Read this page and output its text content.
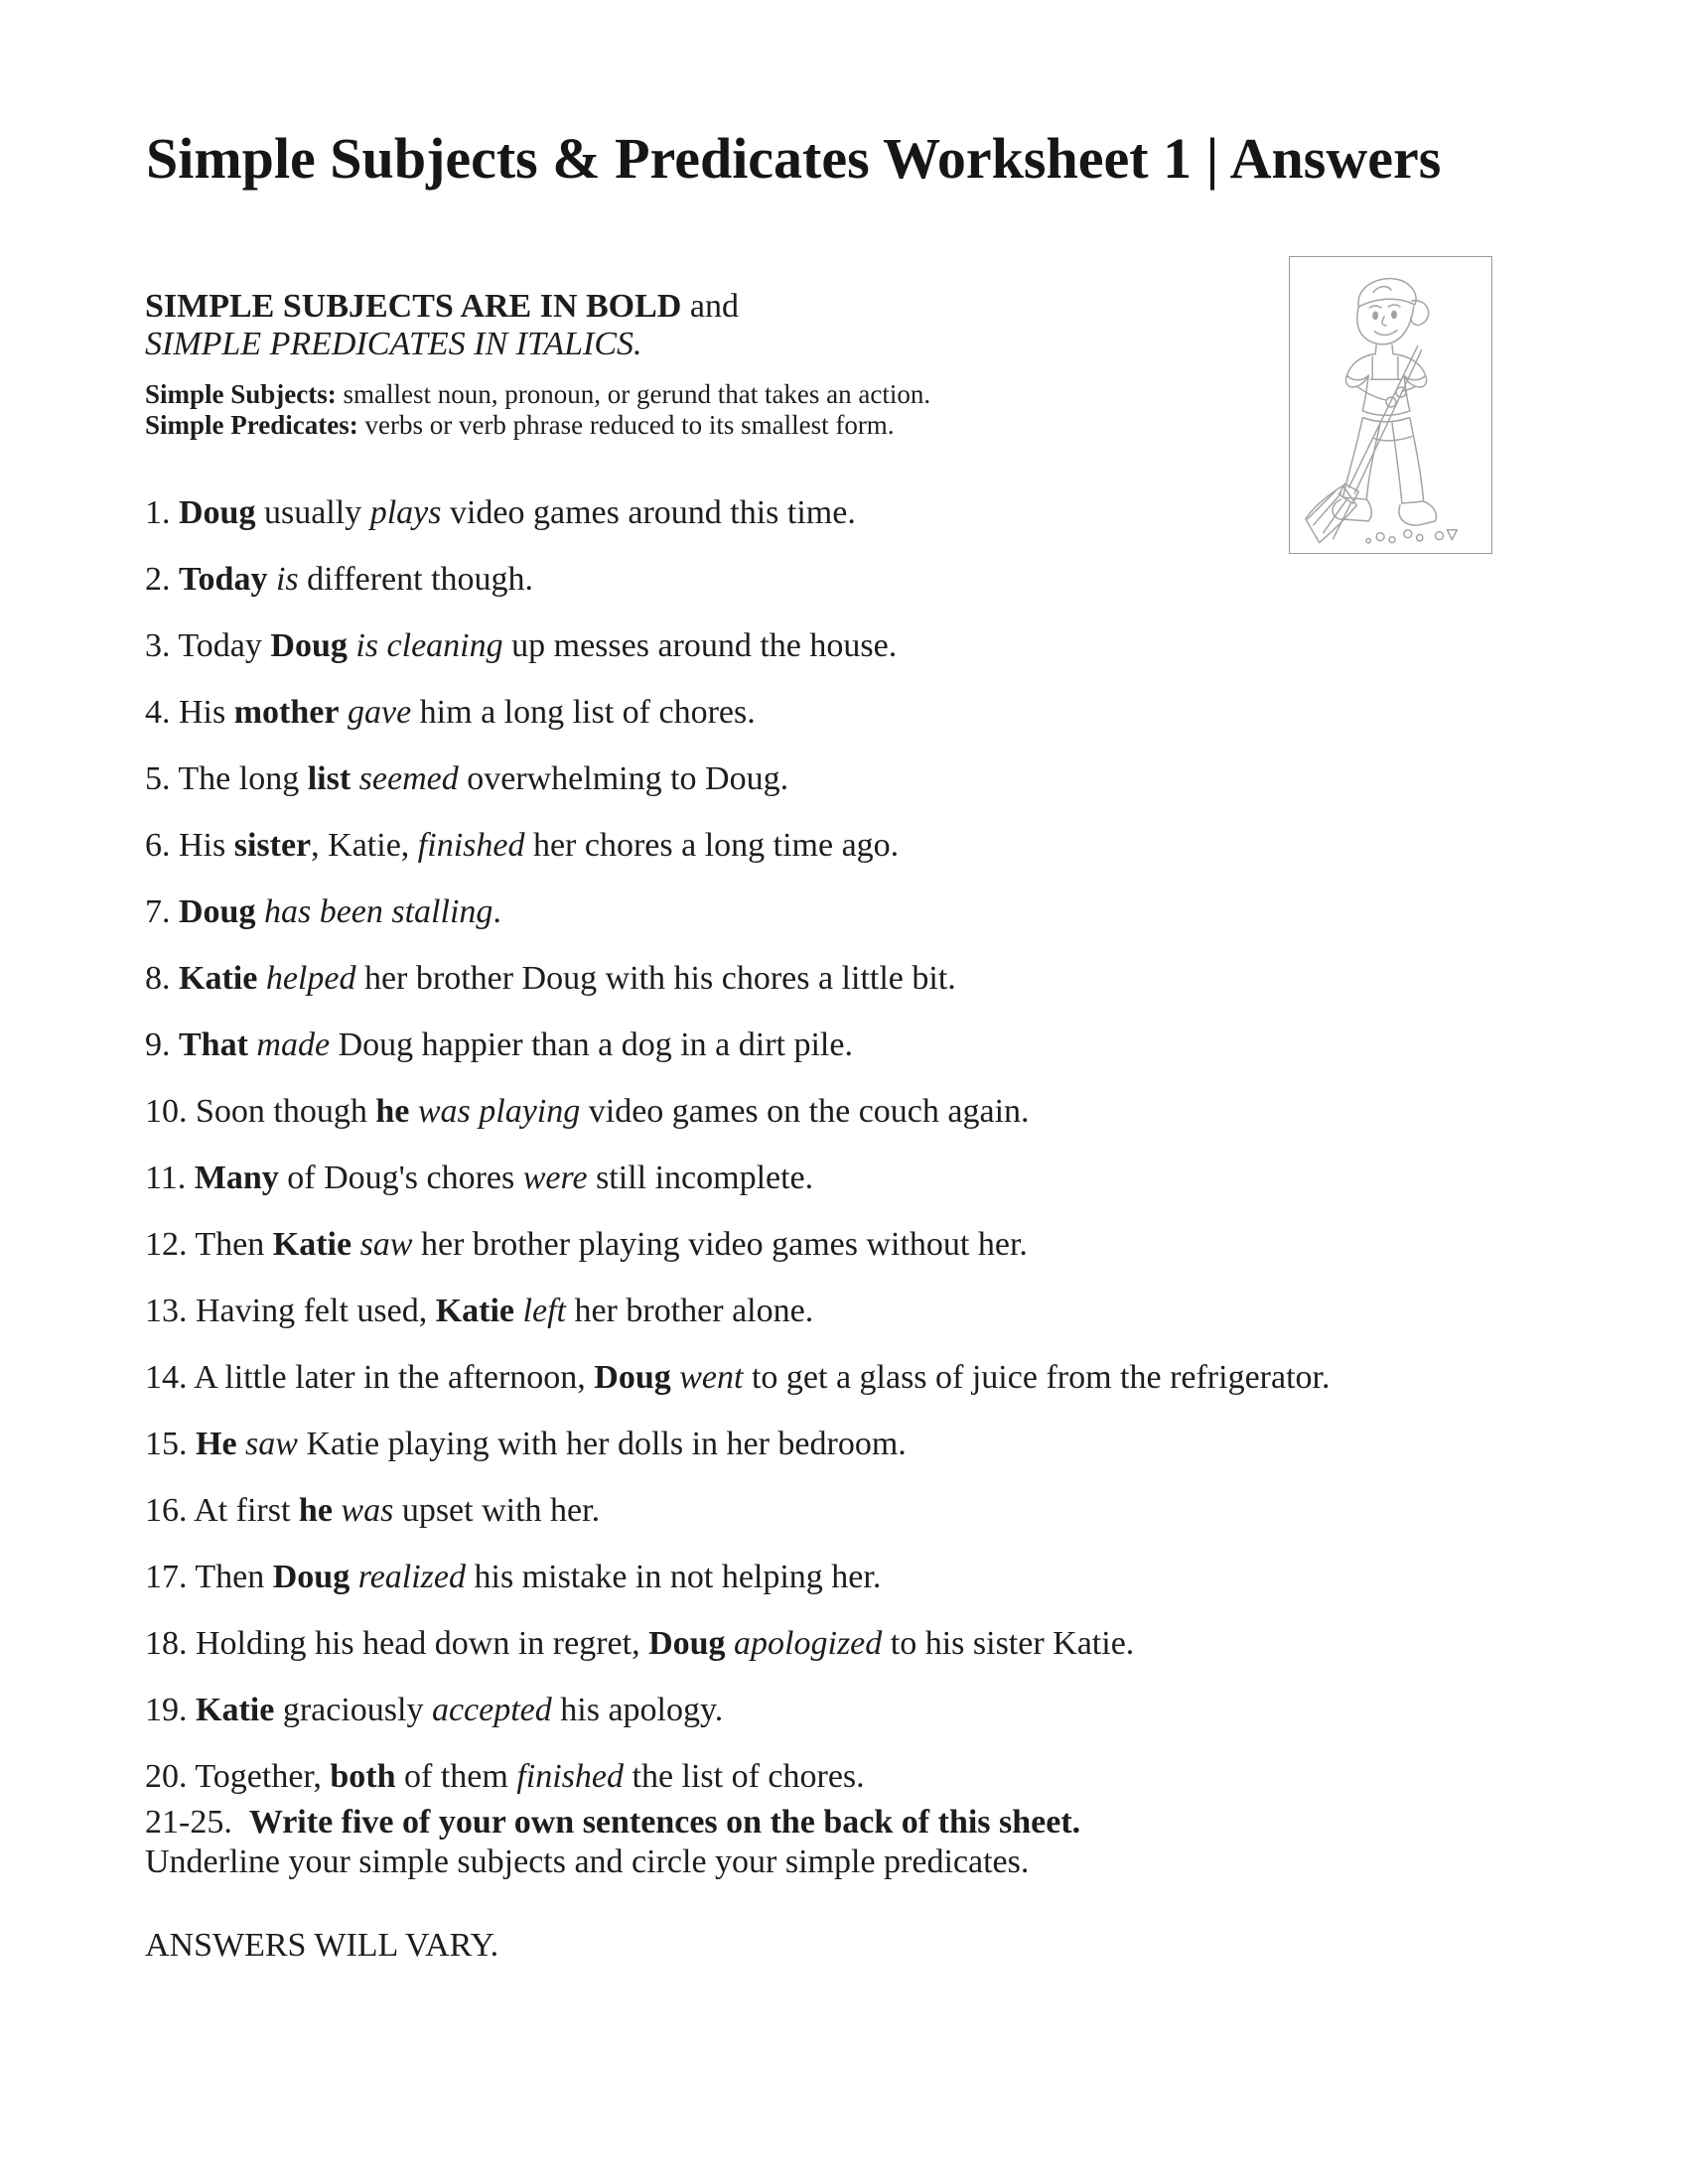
Simple Subjects & Predicates Worksheet 1 | Answers
SIMPLE SUBJECTS ARE IN BOLD and
SIMPLE PREDICATES IN ITALICS.
Simple Subjects: smallest noun, pronoun, or gerund that takes an action.
Simple Predicates: verbs or verb phrase reduced to its smallest form.
1. Doug usually plays video games around this time.
2. Today is different though.
3. Today Doug is cleaning up messes around the house.
4. His mother gave him a long list of chores.
5. The long list seemed overwhelming to Doug.
6. His sister, Katie, finished her chores a long time ago.
7. Doug has been stalling.
8. Katie helped her brother Doug with his chores a little bit.
9. That made Doug happier than a dog in a dirt pile.
10. Soon though he was playing video games on the couch again.
11. Many of Doug's chores were still incomplete.
12. Then Katie saw her brother playing video games without her.
13. Having felt used, Katie left her brother alone.
14. A little later in the afternoon, Doug went to get a glass of juice from the refrigerator.
15. He saw Katie playing with her dolls in her bedroom.
16. At first he was upset with her.
17. Then Doug realized his mistake in not helping her.
18. Holding his head down in regret, Doug apologized to his sister Katie.
19. Katie graciously accepted his apology.
20. Together, both of them finished the list of chores.

21-25.  Write five of your own sentences on the back of this sheet.

Underline your simple subjects and circle your simple predicates.

ANSWERS WILL VARY.
